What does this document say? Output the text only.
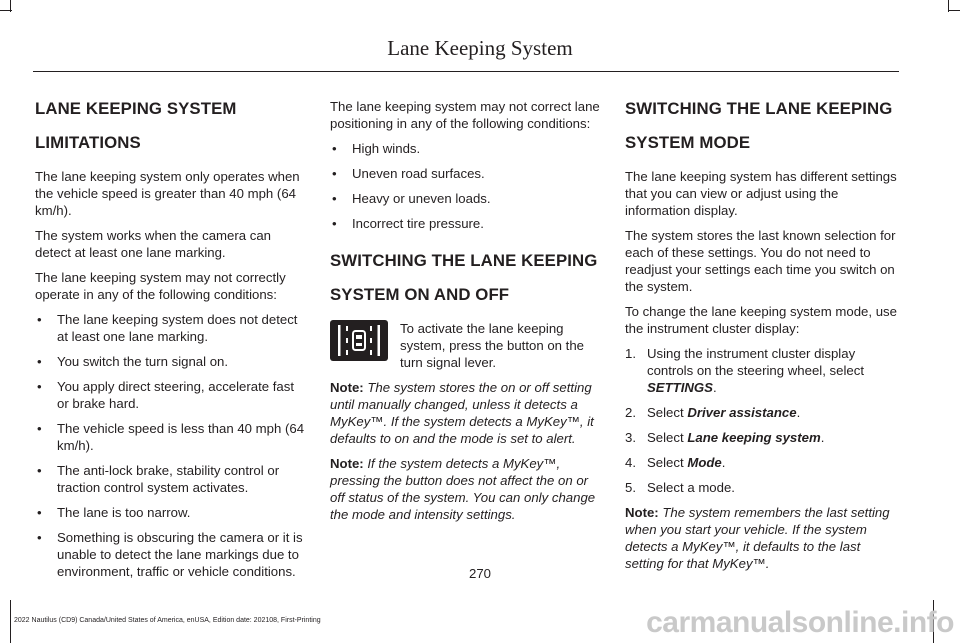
Lane Keeping System
LANE KEEPING SYSTEM
LIMITATIONS

The lane keeping system only operates when the vehicle speed is greater than 40 mph (64 km/h).

The system works when the camera can detect at least one lane marking.

The lane keeping system may not correctly operate in any of the following conditions:

• The lane keeping system does not detect at least one lane marking.
• You switch the turn signal on.
• You apply direct steering, accelerate fast or brake hard.
• The vehicle speed is less than 40 mph (64 km/h).
• The anti-lock brake, stability control or traction control system activates.
• The lane is too narrow.
• Something is obscuring the camera or it is unable to detect the lane markings due to environment, traffic or vehicle conditions.

The lane keeping system may not correct lane positioning in any of the following conditions:

• High winds.
• Uneven road surfaces.
• Heavy or uneven loads.
• Incorrect tire pressure.
SWITCHING THE LANE KEEPING
SYSTEM ON AND OFF
To activate the lane keeping system, press the button on the turn signal lever.

Note: The system stores the on or off setting until manually changed, unless it detects a MyKey™. If the system detects a MyKey™, it defaults to on and the mode is set to alert.

Note: If the system detects a MyKey™, pressing the button does not affect the on or off status of the system. You can only change the mode and intensity settings.

SWITCHING THE LANE KEEPING
SYSTEM MODE

The lane keeping system has different settings that you can view or adjust using the information display.

The system stores the last known selection for each of these settings. You do not need to readjust your settings each time you switch on the system.

To change the lane keeping system mode, use the instrument cluster display:

1. Using the instrument cluster display controls on the steering wheel, select SETTINGS.
2. Select Driver assistance.
3. Select Lane keeping system.
4. Select Mode.
5. Select a mode.

Note: The system remembers the last setting when you start your vehicle. If the system detects a MyKey™, it defaults to the last setting for that MyKey™.

270
2022 Nautilus (CD9) Canada/United States of America, enUSA, Edition date: 202108, First-Printing	carmanualsonline.info
